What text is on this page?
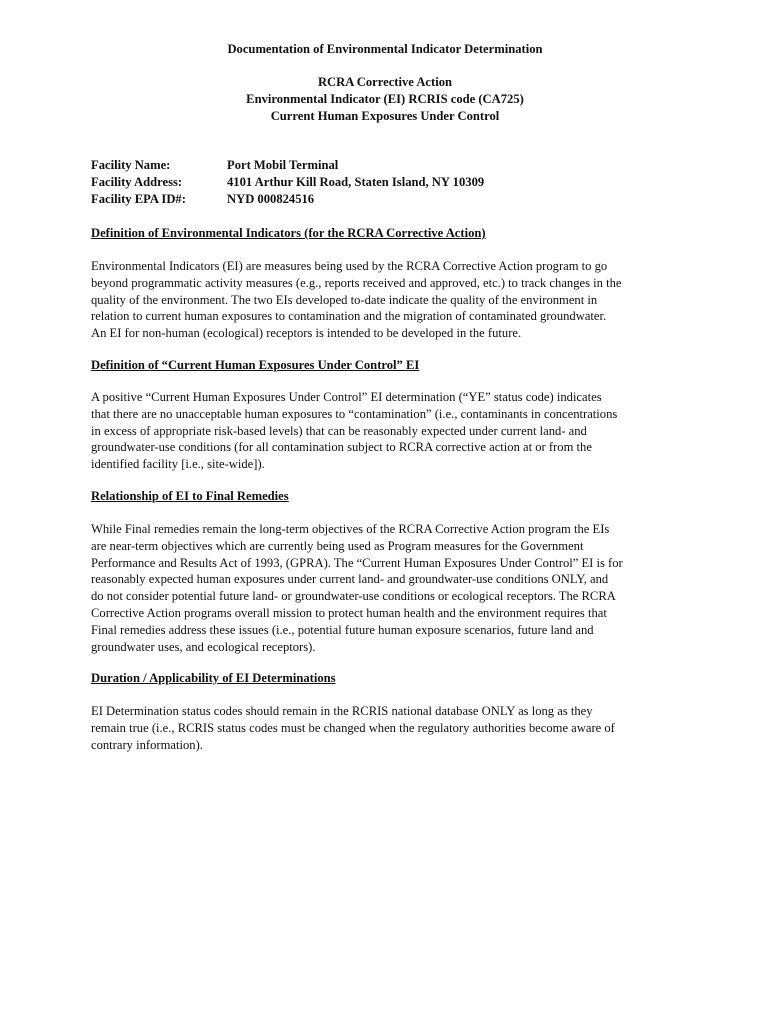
Documentation of Environmental Indicator Determination
RCRA Corrective Action
Environmental Indicator (EI) RCRIS code (CA725)
Current Human Exposures Under Control
Facility Name:	Port Mobil Terminal
Facility Address:	4101 Arthur Kill Road, Staten Island, NY 10309
Facility EPA ID#:	NYD 000824516
Definition of Environmental Indicators (for the RCRA Corrective Action)
Environmental Indicators (EI) are measures being used by the RCRA Corrective Action program to go
beyond programmatic activity measures (e.g., reports received and approved, etc.) to track changes in the
quality of the environment. The two EIs developed to-date indicate the quality of the environment in
relation to current human exposures to contamination and the migration of contaminated groundwater.
An EI for non-human (ecological) receptors is intended to be developed in the future.
Definition of “Current Human Exposures Under Control” EI
A positive “Current Human Exposures Under Control” EI determination (“YE” status code) indicates
that there are no unacceptable human exposures to “contamination” (i.e., contaminants in concentrations
in excess of appropriate risk-based levels) that can be reasonably expected under current land- and
groundwater-use conditions (for all contamination subject to RCRA corrective action at or from the
identified facility [i.e., site-wide]).
Relationship of EI to Final Remedies
While Final remedies remain the long-term objectives of the RCRA Corrective Action program the EIs
are near-term objectives which are currently being used as Program measures for the Government
Performance and Results Act of 1993, (GPRA). The “Current Human Exposures Under Control” EI is for
reasonably expected human exposures under current land- and groundwater-use conditions ONLY, and
do not consider potential future land- or groundwater-use conditions or ecological receptors. The RCRA
Corrective Action programs overall mission to protect human health and the environment requires that
Final remedies address these issues (i.e., potential future human exposure scenarios, future land and
groundwater uses, and ecological receptors).
Duration / Applicability of EI Determinations
EI Determination status codes should remain in the RCRIS national database ONLY as long as they
remain true (i.e., RCRIS status codes must be changed when the regulatory authorities become aware of
contrary information).
